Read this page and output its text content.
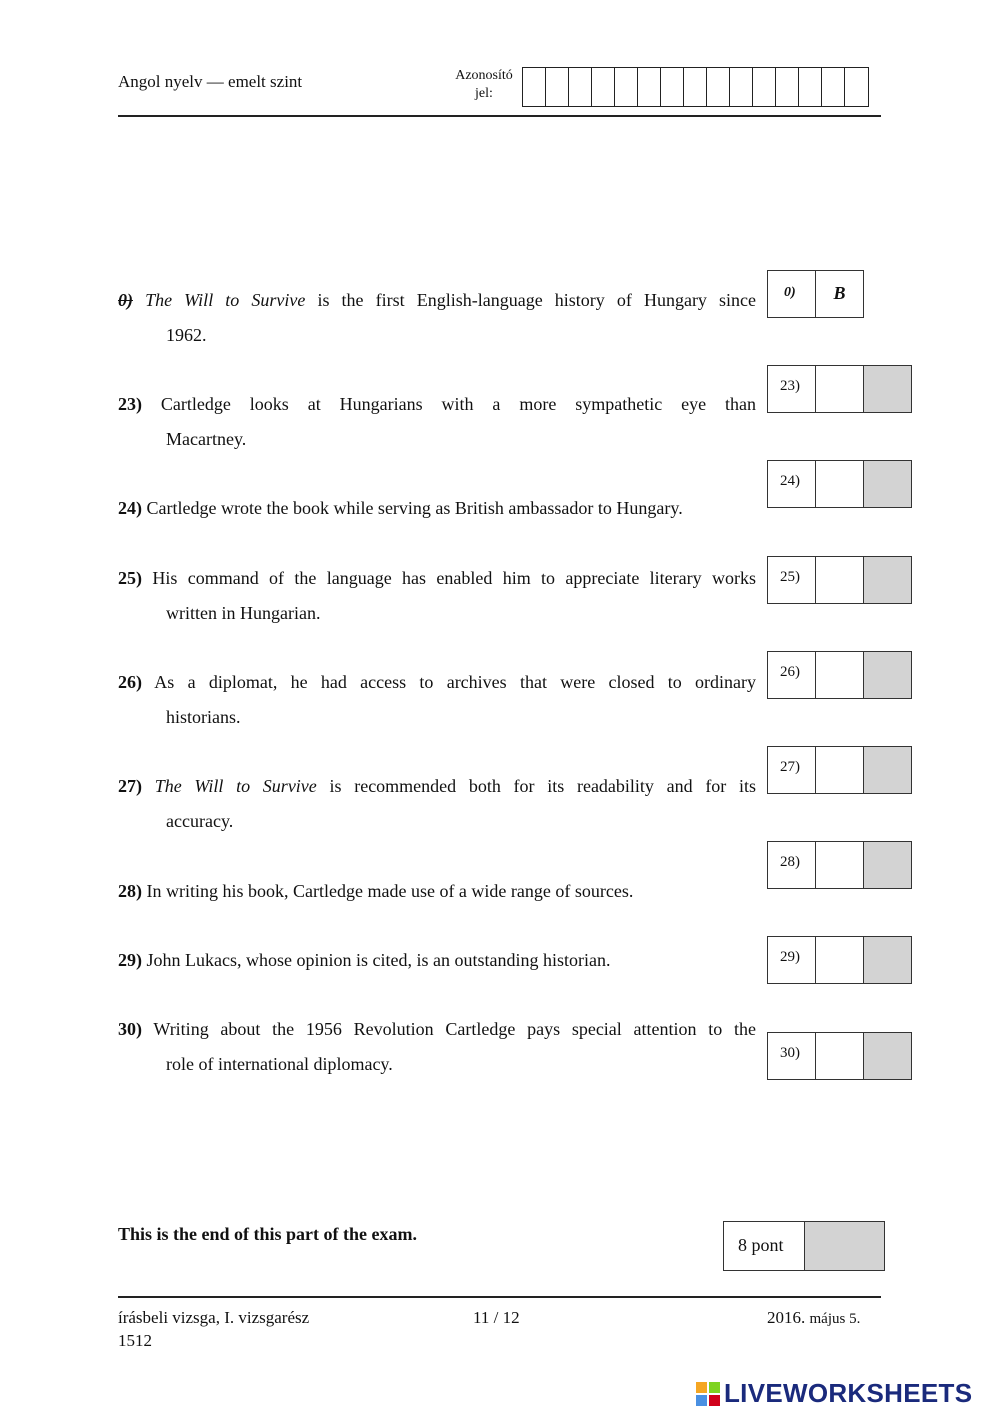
Angol nyelv — emelt szint	Azonosító
jel:
0) The Will to Survive is the first English-language history of Hungary since
1962.
0)	B
23) Cartledge looks at Hungarians with a more sympathetic eye than
Macartney.
23)
24) Cartledge wrote the book while serving as British ambassador to Hungary.
24)
25) His command of the language has enabled him to appreciate literary works
written in Hungarian.
25)
26) As a diplomat, he had access to archives that were closed to ordinary
historians.
26)
27) The Will to Survive is recommended both for its readability and for its
accuracy.
27)
28) In writing his book, Cartledge made use of a wide range of sources.
28)
29) John Lukacs, whose opinion is cited, is an outstanding historian.	29)
30) Writing about the 1956 Revolution Cartledge pays special attention to the
role of international diplomacy.
30)
This is the end of this part of the exam.
8 pont
írásbeli vizsga, I. vizsgarész
1512
11 / 12	2016. május 5.
LIVEWORKSHEETS
